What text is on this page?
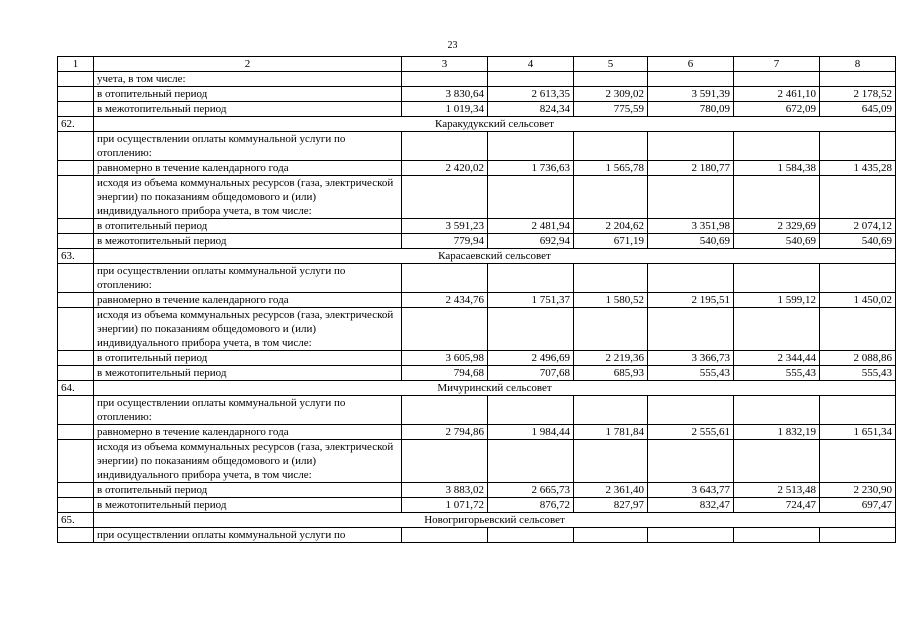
23
1	2	3	4	5	6	7	8
	учета, в том числе:						
	в отопительный период	3 830,64	2 613,35	2 309,02	3 591,39	2 461,10	2 178,52
	в межотопительный период	1 019,34	824,34	775,59	780,09	672,09	645,09
62.	Каракудукский сельсовет						
	при осуществлении оплаты коммунальной услуги по отоплению:						
	равномерно в течение календарного года	2 420,02	1 736,63	1 565,78	2 180,77	1 584,38	1 435,28
	исходя из объема коммунальных ресурсов (газа, электрической энергии) по показаниям общедомового и (или) индивидуального прибора учета, в том числе:						
	в отопительный период	3 591,23	2 481,94	2 204,62	3 351,98	2 329,69	2 074,12
	в межотопительный период	779,94	692,94	671,19	540,69	540,69	540,69
63.	Карасаевский сельсовет						
	при осуществлении оплаты коммунальной услуги по отоплению:						
	равномерно в течение календарного года	2 434,76	1 751,37	1 580,52	2 195,51	1 599,12	1 450,02
	исходя из объема коммунальных ресурсов (газа, электрической энергии) по показаниям общедомового и (или) индивидуального прибора учета, в том числе:						
	в отопительный период	3 605,98	2 496,69	2 219,36	3 366,73	2 344,44	2 088,86
	в межотопительный период	794,68	707,68	685,93	555,43	555,43	555,43
64.	Мичуринский сельсовет						
	при осуществлении оплаты коммунальной услуги по отоплению:						
	равномерно в течение календарного года	2 794,86	1 984,44	1 781,84	2 555,61	1 832,19	1 651,34
	исходя из объема коммунальных ресурсов (газа, электрической энергии) по показаниям общедомового и (или) индивидуального прибора учета, в том числе:						
	в отопительный период	3 883,02	2 665,73	2 361,40	3 643,77	2 513,48	2 230,90
	в межотопительный период	1 071,72	876,72	827,97	832,47	724,47	697,47
65.	Новогригорьевский сельсовет						
	при осуществлении оплаты коммунальной услуги по						
